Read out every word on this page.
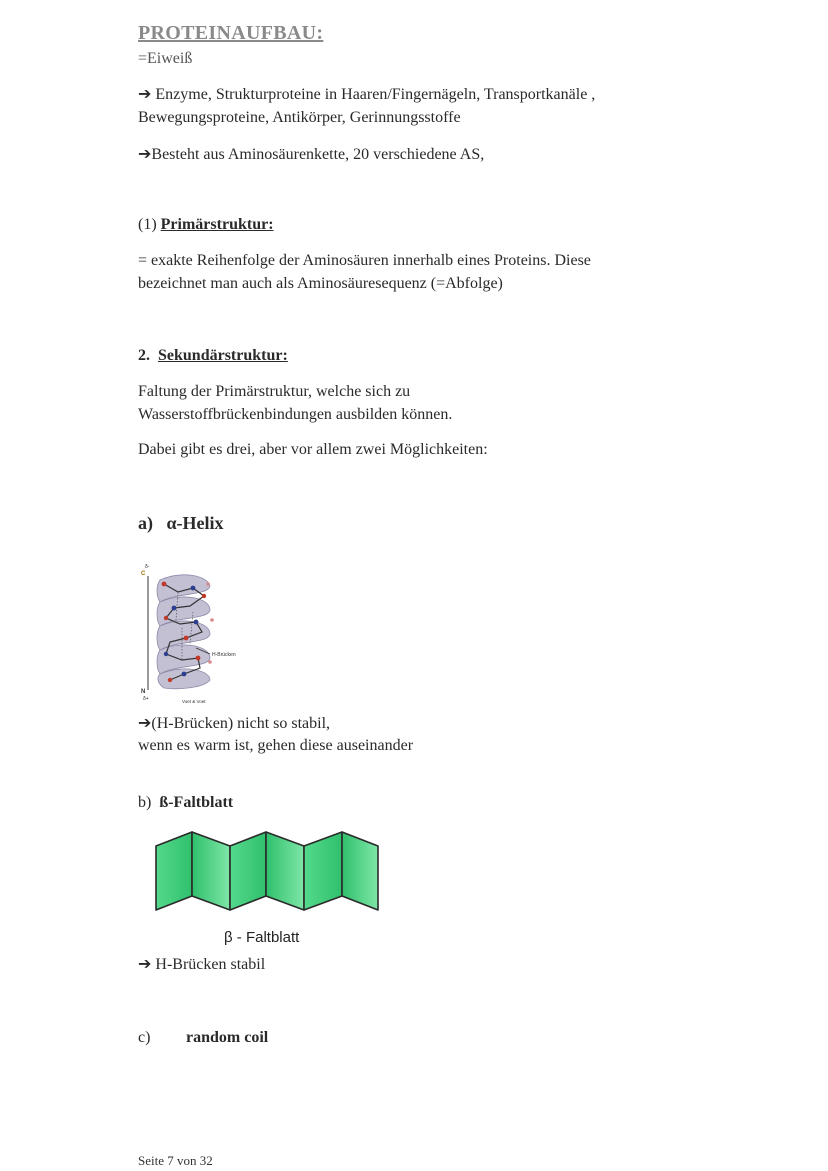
PROTEINAUFBAU:
=Eiweiß
➔ Enzyme, Strukturproteine in Haaren/Fingernägeln, Transportkanäle ,
Bewegungsproteine, Antikörper, Gerinnungsstoffe
➔Besteht aus Aminosäurenkette, 20 verschiedene AS,
(1) Primärstruktur:
= exakte Reihenfolge der Aminosäuren innerhalb eines Proteins. Diese
bezeichnet man auch als Aminosäuresequenz (=Abfolge)
2. Sekundärstruktur:
Faltung der Primärstruktur, welche sich zu
Wasserstoffbrückenbindungen ausbilden können.
Dabei gibt es drei, aber vor allem zwei Möglichkeiten:
a) α-Helix
δ-
C
N
δ+
H-Brücken
Voet & Voet
➔(H-Brücken) nicht so stabil,
wenn es warm ist, gehen diese auseinander
b) ß-Faltblatt
β - Faltblatt
➔ H-Brücken stabil
c) random coil
Seite 7 von 32
